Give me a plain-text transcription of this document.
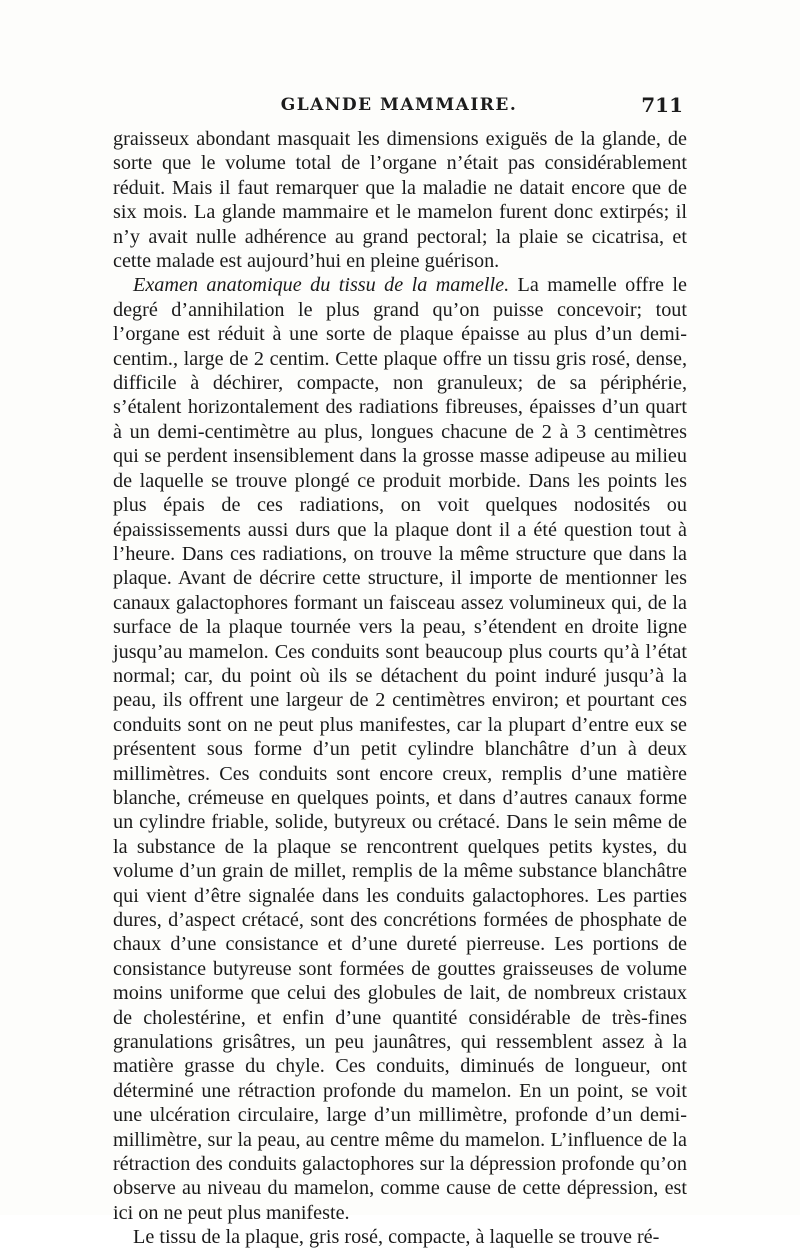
GLANDE MAMMAIRE.	711

graisseux abondant masquait les dimensions exiguës de la glande, de sorte que le volume total de l’organe n’était pas considérablement réduit. Mais il faut remarquer que la maladie ne datait encore que de six mois. La glande mammaire et le mamelon furent donc extirpés; il n’y avait nulle adhérence au grand pectoral; la plaie se cicatrisa, et cette malade est aujourd’hui en pleine guérison.

Examen anatomique du tissu de la mamelle. La mamelle offre le degré d’annihilation le plus grand qu’on puisse concevoir; tout l’organe est réduit à une sorte de plaque épaisse au plus d’un demi-centim., large de 2 centim. Cette plaque offre un tissu gris rosé, dense, difficile à déchirer, compacte, non granuleux; de sa périphérie, s’étalent horizontalement des radiations fibreuses, épaisses d’un quart à un demi-centimètre au plus, longues chacune de 2 à 3 centimètres qui se perdent insensiblement dans la grosse masse adipeuse au milieu de laquelle se trouve plongé ce produit morbide. Dans les points les plus épais de ces radiations, on voit quelques nodosités ou épaississements aussi durs que la plaque dont il a été question tout à l’heure. Dans ces radiations, on trouve la même structure que dans la plaque. Avant de décrire cette structure, il importe de mentionner les canaux galactophores formant un faisceau assez volumineux qui, de la surface de la plaque tournée vers la peau, s’étendent en droite ligne jusqu’au mamelon. Ces conduits sont beaucoup plus courts qu’à l’état normal; car, du point où ils se détachent du point induré jusqu’à la peau, ils offrent une largeur de 2 centimètres environ; et pourtant ces conduits sont on ne peut plus manifestes, car la plupart d’entre eux se présentent sous forme d’un petit cylindre blanchâtre d’un à deux millimètres. Ces conduits sont encore creux, remplis d’une matière blanche, crémeuse en quelques points, et dans d’autres canaux forme un cylindre friable, solide, butyreux ou crétacé. Dans le sein même de la substance de la plaque se rencontrent quelques petits kystes, du volume d’un grain de millet, remplis de la même substance blanchâtre qui vient d’être signalée dans les conduits galactophores. Les parties dures, d’aspect crétacé, sont des concrétions formées de phosphate de chaux d’une consistance et d’une dureté pierreuse. Les portions de consistance butyreuse sont formées de gouttes graisseuses de volume moins uniforme que celui des globules de lait, de nombreux cristaux de cholestérine, et enfin d’une quantité considérable de très-fines granulations grisâtres, un peu jaunâtres, qui ressemblent assez à la matière grasse du chyle. Ces conduits, diminués de longueur, ont déterminé une rétraction profonde du mamelon. En un point, se voit une ulcération circulaire, large d’un millimètre, profonde d’un demi-millimètre, sur la peau, au centre même du mamelon. L’influence de la rétraction des conduits galactophores sur la dépression profonde qu’on observe au niveau du mamelon, comme cause de cette dépression, est ici on ne peut plus manifeste.

Le tissu de la plaque, gris rosé, compacte, à laquelle se trouve ré-
